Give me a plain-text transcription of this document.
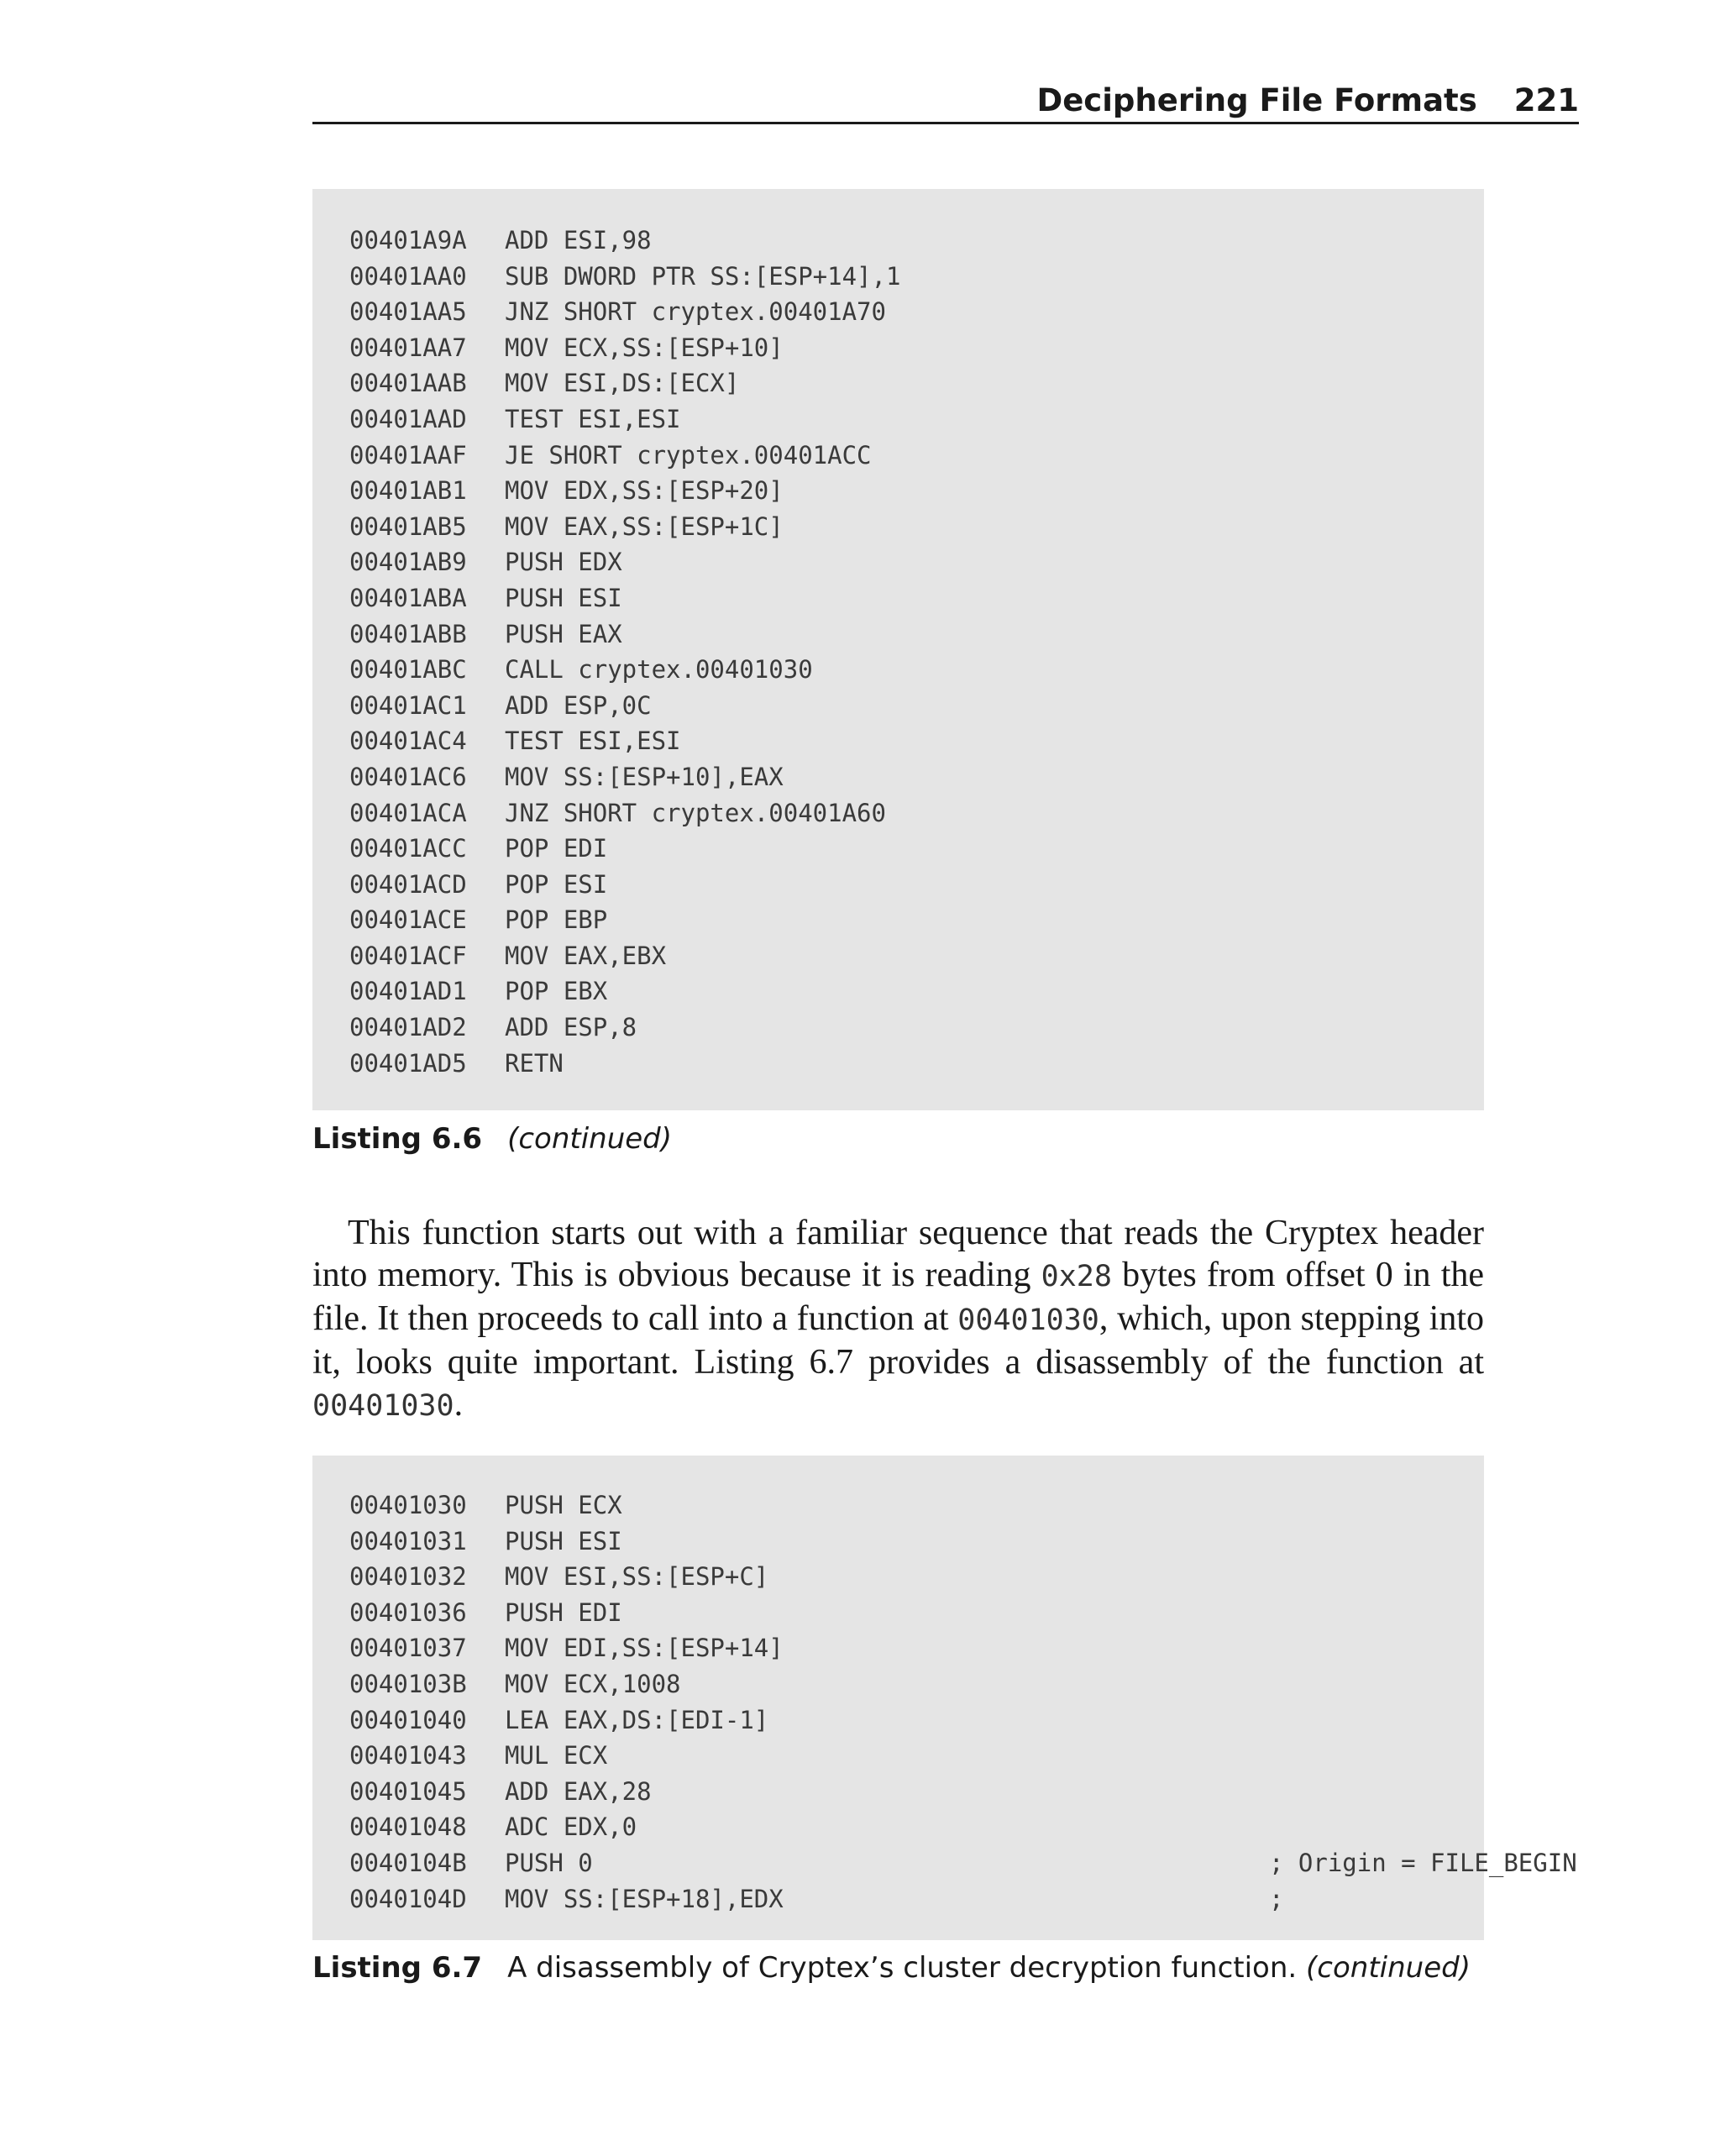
Deciphering File Formats 221
00401A9A ADD ESI,98
00401AA0 SUB DWORD PTR SS:[ESP+14],1
00401AA5 JNZ SHORT cryptex.00401A70
00401AA7 MOV ECX,SS:[ESP+10]
00401AAB MOV ESI,DS:[ECX]
00401AAD TEST ESI,ESI
00401AAF JE SHORT cryptex.00401ACC
00401AB1 MOV EDX,SS:[ESP+20]
00401AB5 MOV EAX,SS:[ESP+1C]
00401AB9 PUSH EDX
00401ABA PUSH ESI
00401ABB PUSH EAX
00401ABC CALL cryptex.00401030
00401AC1 ADD ESP,0C
00401AC4 TEST ESI,ESI
00401AC6 MOV SS:[ESP+10],EAX
00401ACA JNZ SHORT cryptex.00401A60
00401ACC POP EDI
00401ACD POP ESI
00401ACE POP EBP
00401ACF MOV EAX,EBX
00401AD1 POP EBX
00401AD2 ADD ESP,8
00401AD5 RETN
Listing 6.6 (continued)

This function starts out with a familiar sequence that reads the Cryptex header into memory. This is obvious because it is reading 0x28 bytes from offset 0 in the file. It then proceeds to call into a function at 00401030, which, upon stepping into it, looks quite important. Listing 6.7 provides a disassembly of the function at 00401030.

00401030 PUSH ECX
00401031 PUSH ESI
00401032 MOV ESI,SS:[ESP+C]
00401036 PUSH EDI
00401037 MOV EDI,SS:[ESP+14]
0040103B MOV ECX,1008
00401040 LEA EAX,DS:[EDI-1]
00401043 MUL ECX
00401045 ADD EAX,28
00401048 ADC EDX,0
0040104B PUSH 0	; Origin = FILE_BEGIN
0040104D MOV SS:[ESP+18],EDX	;
Listing 6.7 A disassembly of Cryptex’s cluster decryption function. (continued)
